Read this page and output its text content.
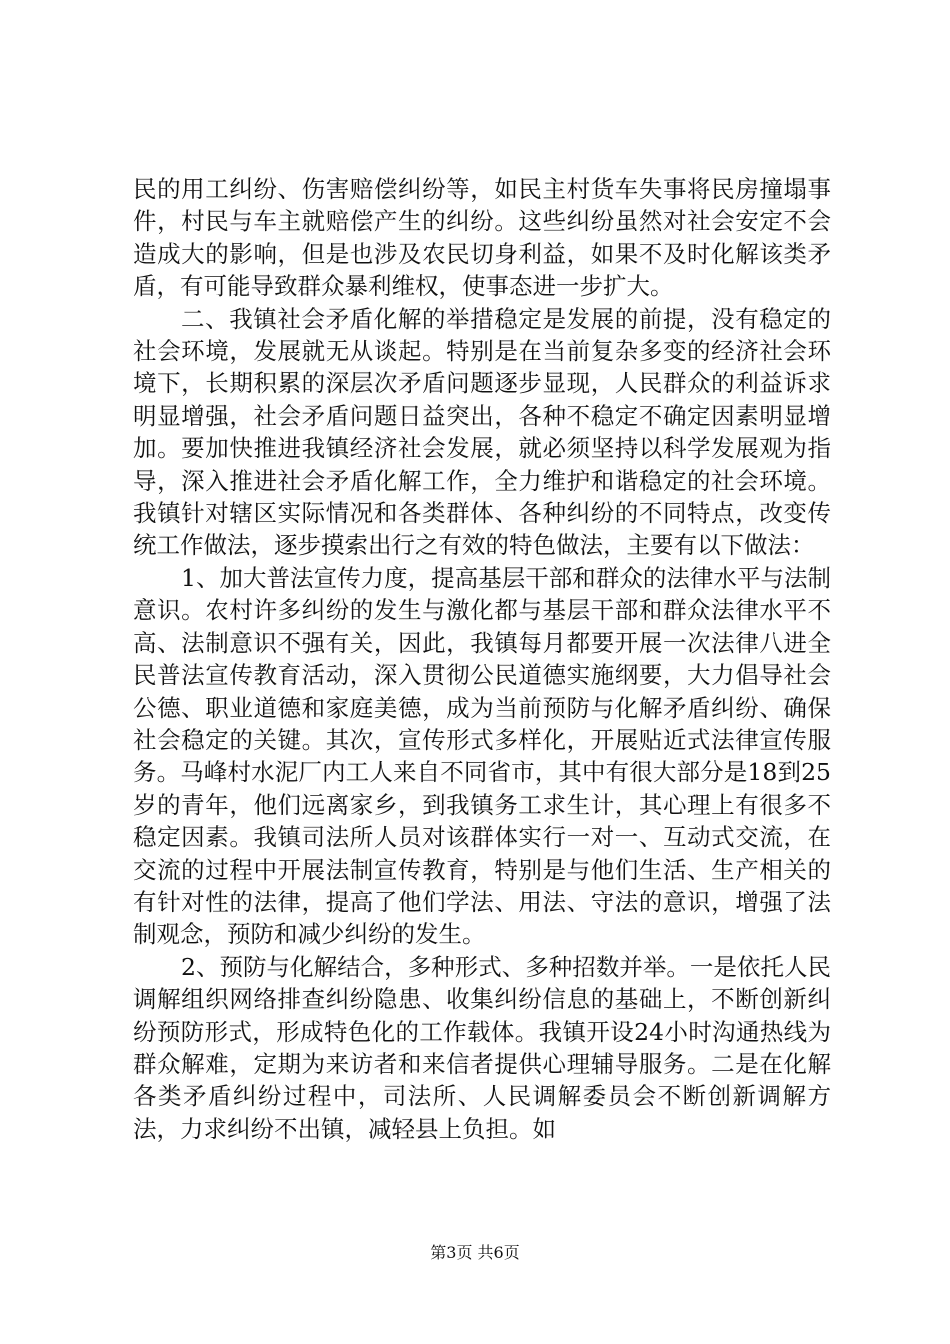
民的用工纠纷、伤害赔偿纠纷等，如民主村货车失事将民房撞塌事件，村民与车主就赔偿产生的纠纷。这些纠纷虽然对社会安定不会造成大的影响，但是也涉及农民切身利益，如果不及时化解该类矛盾，有可能导致群众暴利维权，使事态进一步扩大。

二、我镇社会矛盾化解的举措稳定是发展的前提，没有稳定的社会环境，发展就无从谈起。特别是在当前复杂多变的经济社会环境下，长期积累的深层次矛盾问题逐步显现，人民群众的利益诉求明显增强，社会矛盾问题日益突出，各种不稳定不确定因素明显增加。要加快推进我镇经济社会发展，就必须坚持以科学发展观为指导，深入推进社会矛盾化解工作，全力维护和谐稳定的社会环境。我镇针对辖区实际情况和各类群体、各种纠纷的不同特点，改变传统工作做法，逐步摸索出行之有效的特色做法，主要有以下做法：

1、加大普法宣传力度，提高基层干部和群众的法律水平与法制意识。农村许多纠纷的发生与激化都与基层干部和群众法律水平不高、法制意识不强有关，因此，我镇每月都要开展一次法律八进全民普法宣传教育活动，深入贯彻公民道德实施纲要，大力倡导社会公德、职业道德和家庭美德，成为当前预防与化解矛盾纠纷、确保社会稳定的关键。其次，宣传形式多样化，开展贴近式法律宣传服务。马峰村水泥厂内工人来自不同省市，其中有很大部分是18到25岁的青年，他们远离家乡，到我镇务工求生计，其心理上有很多不稳定因素。我镇司法所人员对该群体实行一对一、互动式交流，在交流的过程中开展法制宣传教育，特别是与他们生活、生产相关的有针对性的法律，提高了他们学法、用法、守法的意识，增强了法制观念，预防和减少纠纷的发生。

2、预防与化解结合，多种形式、多种招数并举。一是依托人民调解组织网络排查纠纷隐患、收集纠纷信息的基础上，不断创新纠纷预防形式，形成特色化的工作载体。我镇开设24小时沟通热线为群众解难，定期为来访者和来信者提供心理辅导服务。二是在化解各类矛盾纠纷过程中，司法所、人民调解委员会不断创新调解方法，力求纠纷不出镇，减轻县上负担。如

第3页 共6页
